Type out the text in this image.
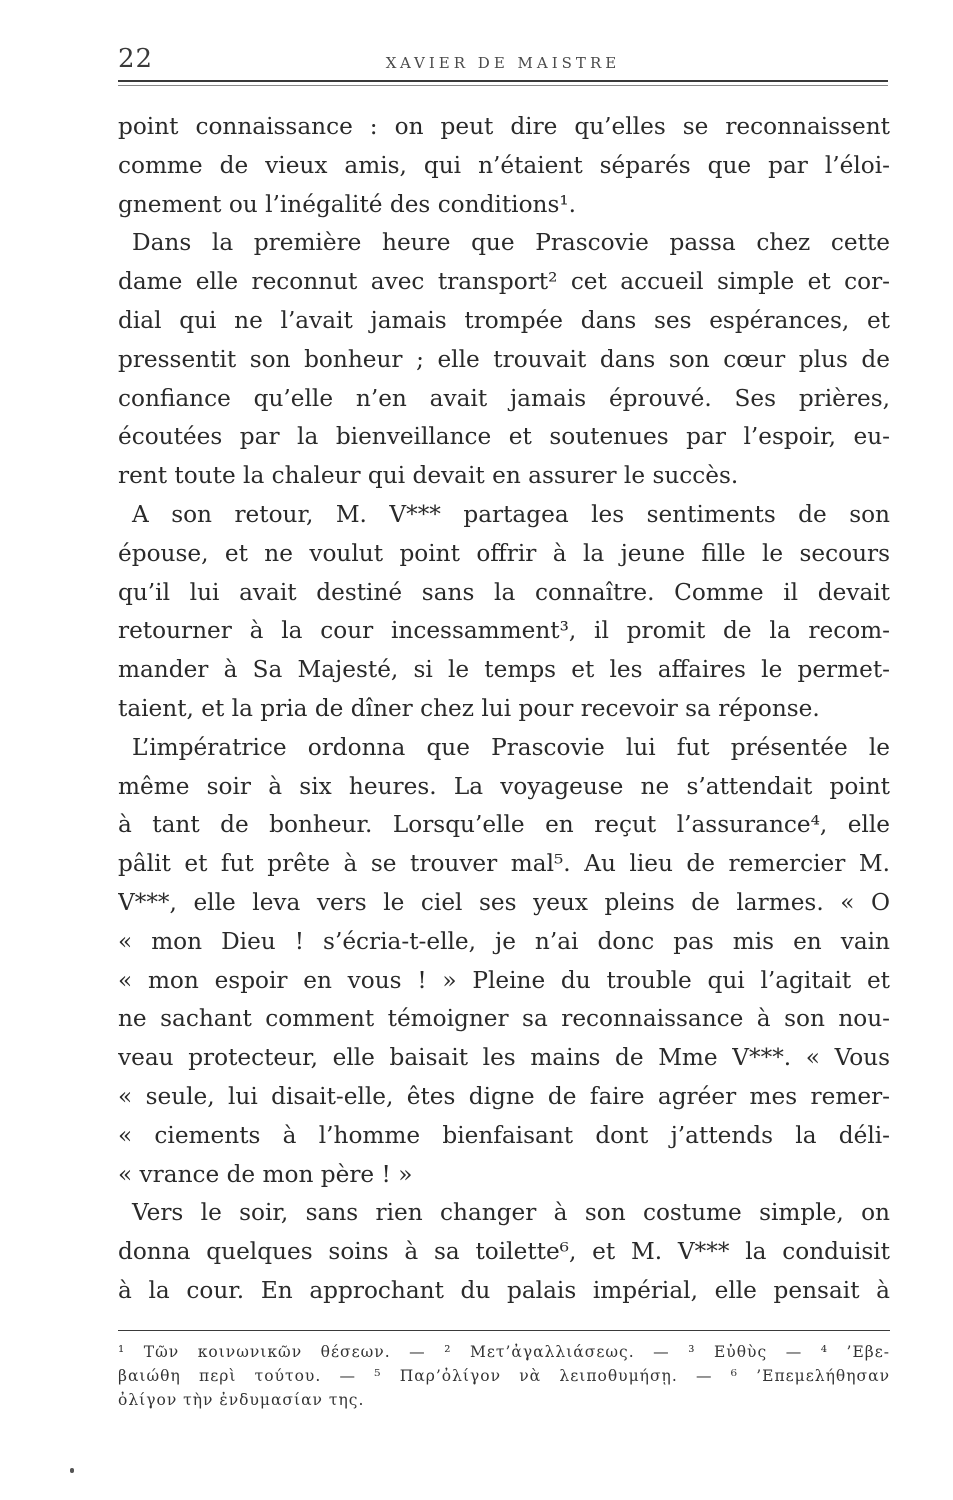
22	XAVIER DE MAISTRE
point connaissance : on peut dire qu’elles se reconnaissent
comme de vieux amis, qui n’étaient séparés que par l’éloi-
gnement ou l’inégalité des conditions¹.
Dans la première heure que Prascovie passa chez cette
dame elle reconnut avec transport² cet accueil simple et cor-
dial qui ne l’avait jamais trompée dans ses espérances, et
pressentit son bonheur ; elle trouvait dans son cœur plus de
confiance qu’elle n’en avait jamais éprouvé. Ses prières,
écoutées par la bienveillance et soutenues par l’espoir, eu-
rent toute la chaleur qui devait en assurer le succès.
A son retour, M. V*** partagea les sentiments de son
épouse, et ne voulut point offrir à la jeune fille le secours
qu’il lui avait destiné sans la connaître. Comme il devait
retourner à la cour incessamment³, il promit de la recom-
mander à Sa Majesté, si le temps et les affaires le permet-
taient, et la pria de dîner chez lui pour recevoir sa réponse.
L’impératrice ordonna que Prascovie lui fut présentée le
même soir à six heures. La voyageuse ne s’attendait point
à tant de bonheur. Lorsqu’elle en reçut l’assurance⁴, elle
pâlit et fut prête à se trouver mal⁵. Au lieu de remercier M.
V***, elle leva vers le ciel ses yeux pleins de larmes. « O
« mon Dieu ! s’écria-t-elle, je n’ai donc pas mis en vain
« mon espoir en vous ! » Pleine du trouble qui l’agitait et
ne sachant comment témoigner sa reconnaissance à son nou-
veau protecteur, elle baisait les mains de Mme V***. « Vous
« seule, lui disait-elle, êtes digne de faire agréer mes remer-
« ciements à l’homme bienfaisant dont j’attends la déli-
« vrance de mon père ! »
Vers le soir, sans rien changer à son costume simple, on
donna quelques soins à sa toilette⁶, et M. V*** la conduisit
à la cour. En approchant du palais impérial, elle pensait à
¹ Τῶν κοινωνικῶν θέσεων. — ² Μετ’ἀγαλλιάσεως. — ³ Εὐθὺς — ⁴ ’Εβε-
βαιώθη περὶ τούτου. — ⁵ Παρ’ὀλίγον νὰ λειποθυμήσῃ. — ⁶ ’Επεμελήθησαν
ὀλίγον τὴν ἐνδυμασίαν της.
